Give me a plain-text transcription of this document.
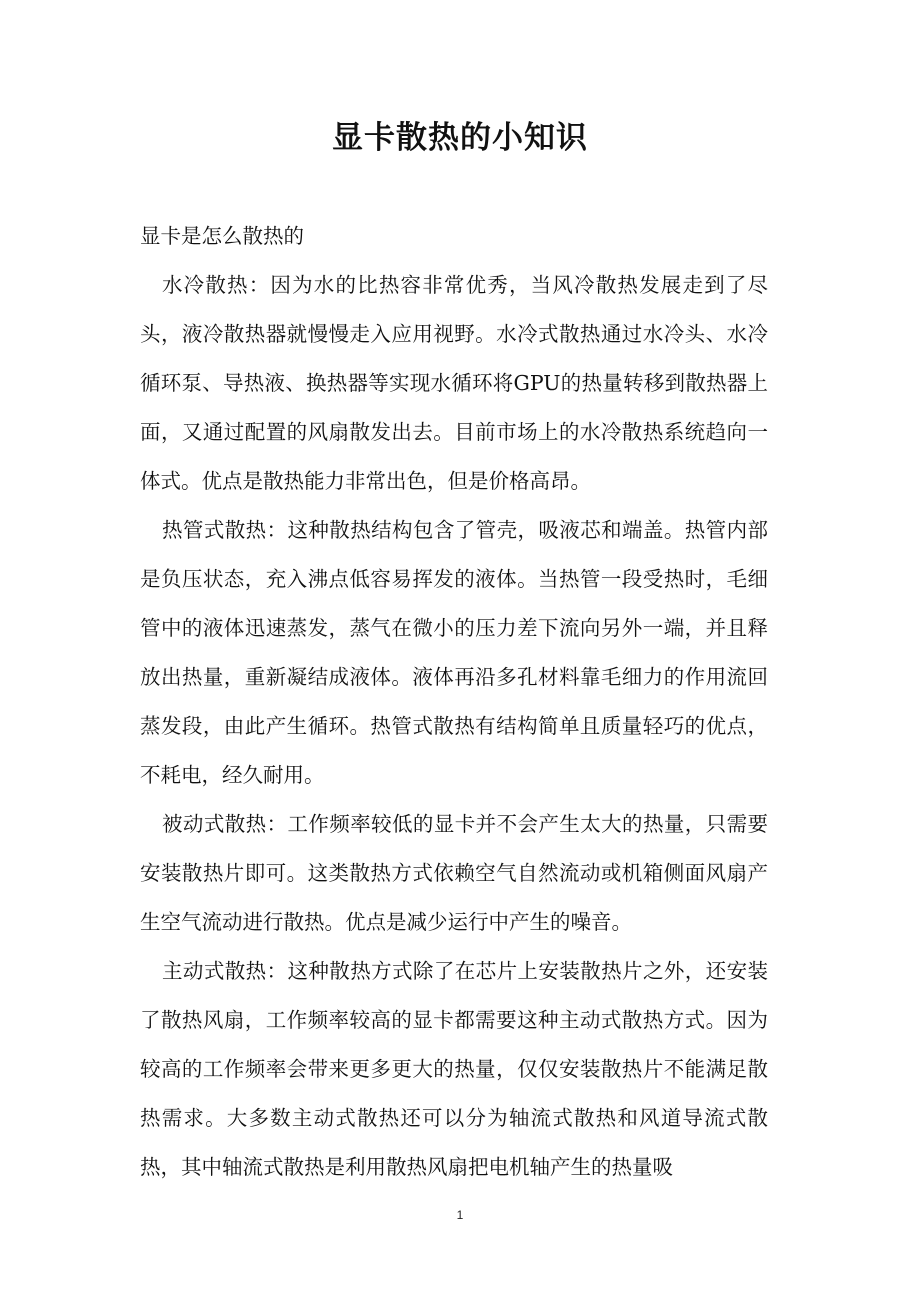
显卡散热的小知识

显卡是怎么散热的

水冷散热：因为水的比热容非常优秀，当风冷散热发展走到了尽头，液冷散热器就慢慢走入应用视野。水冷式散热通过水冷头、水冷循环泵、导热液、换热器等实现水循环将GPU的热量转移到散热器上面，又通过配置的风扇散发出去。目前市场上的水冷散热系统趋向一体式。优点是散热能力非常出色，但是价格高昂。

热管式散热：这种散热结构包含了管壳，吸液芯和端盖。热管内部是负压状态，充入沸点低容易挥发的液体。当热管一段受热时，毛细管中的液体迅速蒸发，蒸气在微小的压力差下流向另外一端，并且释放出热量，重新凝结成液体。液体再沿多孔材料靠毛细力的作用流回蒸发段，由此产生循环。热管式散热有结构简单且质量轻巧的优点，不耗电，经久耐用。

被动式散热：工作频率较低的显卡并不会产生太大的热量，只需要安装散热片即可。这类散热方式依赖空气自然流动或机箱侧面风扇产生空气流动进行散热。优点是减少运行中产生的噪音。

主动式散热：这种散热方式除了在芯片上安装散热片之外，还安装了散热风扇，工作频率较高的显卡都需要这种主动式散热方式。因为较高的工作频率会带来更多更大的热量，仅仅安装散热片不能满足散热需求。大多数主动式散热还可以分为轴流式散热和风道导流式散热，其中轴流式散热是利用散热风扇把电机轴产生的热量吸

1
